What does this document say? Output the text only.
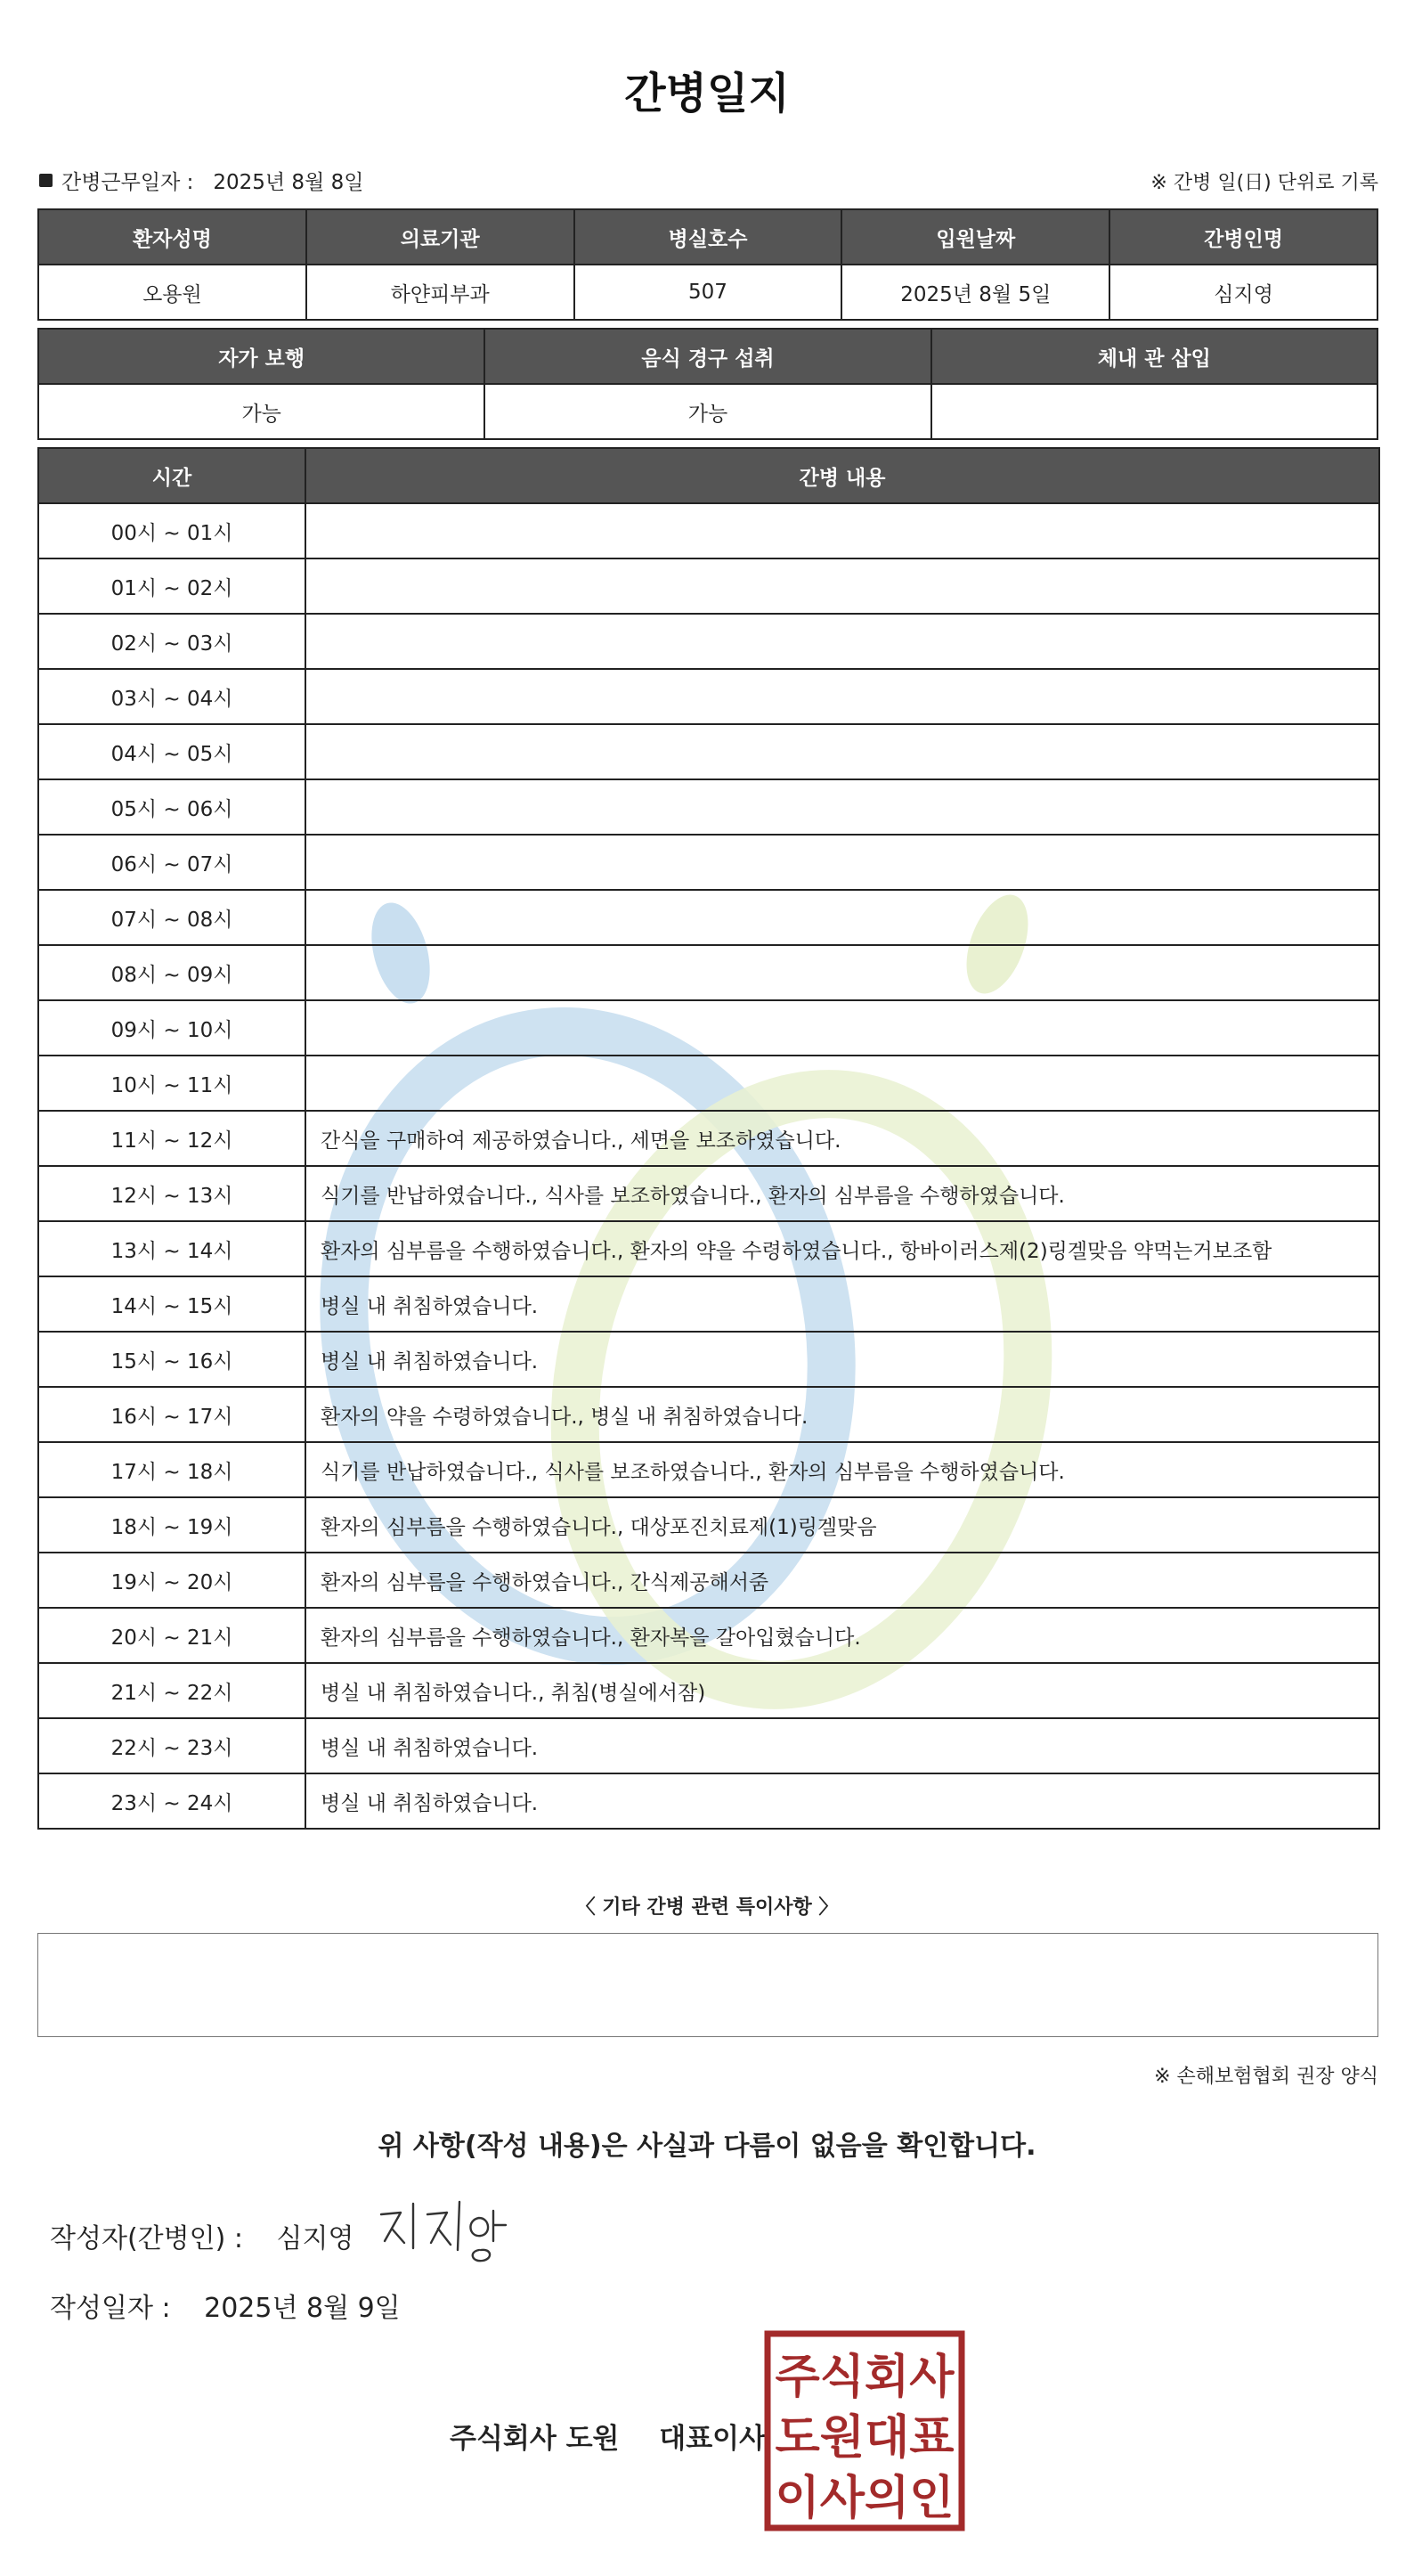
간병일지
간병근무일자 : 2025년 8월 8일	※ 간병 일(日) 단위로 기록
환자성명	의료기관	병실호수	입원날짜	간병인명
오용원	하얀피부과	507	2025년 8월 5일	심지영
자가 보행	음식 경구 섭취	체내 관 삽입
가능	가능	
시간	간병 내용
00시 ~ 01시	
01시 ~ 02시	
02시 ~ 03시	
03시 ~ 04시	
04시 ~ 05시	
05시 ~ 06시	
06시 ~ 07시	
07시 ~ 08시	
08시 ~ 09시	
09시 ~ 10시	
10시 ~ 11시	
11시 ~ 12시	간식을 구매하여 제공하였습니다., 세면을 보조하였습니다.
12시 ~ 13시	식기를 반납하였습니다., 식사를 보조하였습니다., 환자의 심부름을 수행하였습니다.
13시 ~ 14시	환자의 심부름을 수행하였습니다., 환자의 약을 수령하였습니다., 항바이러스제(2)링겔맞음 약먹는거보조함
14시 ~ 15시	병실 내 취침하였습니다.
15시 ~ 16시	병실 내 취침하였습니다.
16시 ~ 17시	환자의 약을 수령하였습니다., 병실 내 취침하였습니다.
17시 ~ 18시	식기를 반납하였습니다., 식사를 보조하였습니다., 환자의 심부름을 수행하였습니다.
18시 ~ 19시	환자의 심부름을 수행하였습니다., 대상포진치료제(1)링겔맞음
19시 ~ 20시	환자의 심부름을 수행하였습니다., 간식제공해서줌
20시 ~ 21시	환자의 심부름을 수행하였습니다., 환자복을 갈아입혔습니다.
21시 ~ 22시	병실 내 취침하였습니다., 취침(병실에서잠)
22시 ~ 23시	병실 내 취침하였습니다.
23시 ~ 24시	병실 내 취침하였습니다.
〈 기타 간병 관련 특이사항 〉
※ 손해보험협회 권장 양식
위 사항(작성 내용)은 사실과 다름이 없음을 확인합니다.
작성자(간병인) : 심지영
작성일자 : 2025년 8월 9일
주식회사 도원 대표이사
주식회사
도원대표
이사의인
